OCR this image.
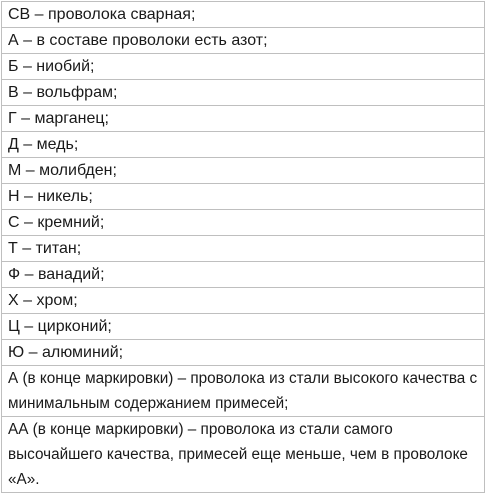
СВ – проволока сварная;
А – в составе проволоки есть азот;
Б – ниобий;
В – вольфрам;
Г – марганец;
Д – медь;
М – молибден;
Н – никель;
С – кремний;
Т – титан;
Ф – ванадий;
Х – хром;
Ц – цирконий;
Ю – алюминий;
А (в конце маркировки) – проволока из стали высокого качества с минимальным содержанием примесей;
АА (в конце маркировки) – проволока из стали самого высочайшего качества, примесей еще меньше, чем в проволоке «А».
